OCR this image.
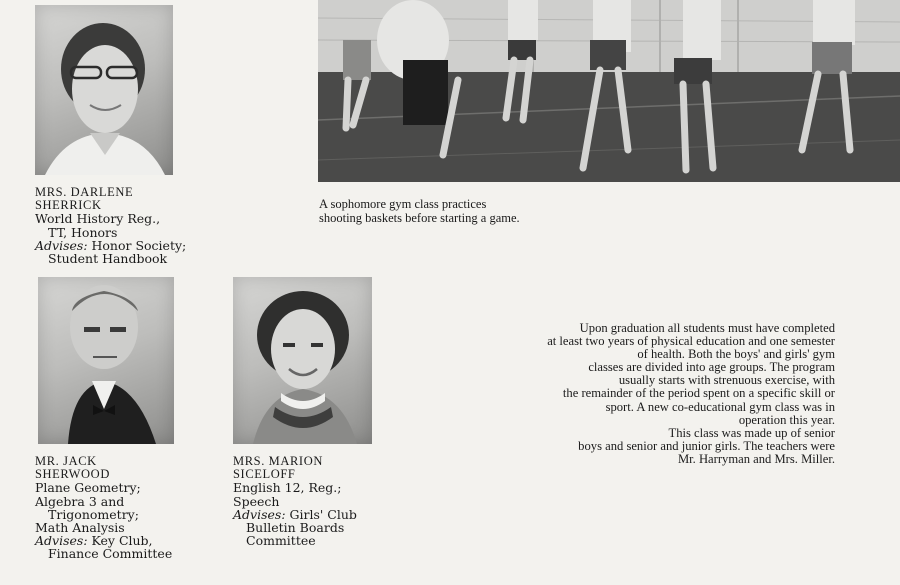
A sophomore gym class practices
shooting baskets before starting a game.
MRS. DARLENE
SHERRICK
World History Reg.,
TT, Honors
Advises: Honor Society;
Student Handbook
MR. JACK
SHERWOOD
Plane Geometry;
Algebra 3 and
Trigonometry;
Math Analysis
Advises: Key Club,
Finance Committee
MRS. MARION
SICELOFF
English 12, Reg.;
Speech
Advises: Girls' Club
Bulletin Boards
Committee
Upon graduation all students must have completed
at least two years of physical education and one semester
of health. Both the boys' and girls' gym
classes are divided into age groups. The program
usually starts with strenuous exercise, with
the remainder of the period spent on a specific skill or
sport. A new co-educational gym class was in
operation this year.
This class was made up of senior
boys and senior and junior girls. The teachers were
Mr. Harryman and Mrs. Miller.
